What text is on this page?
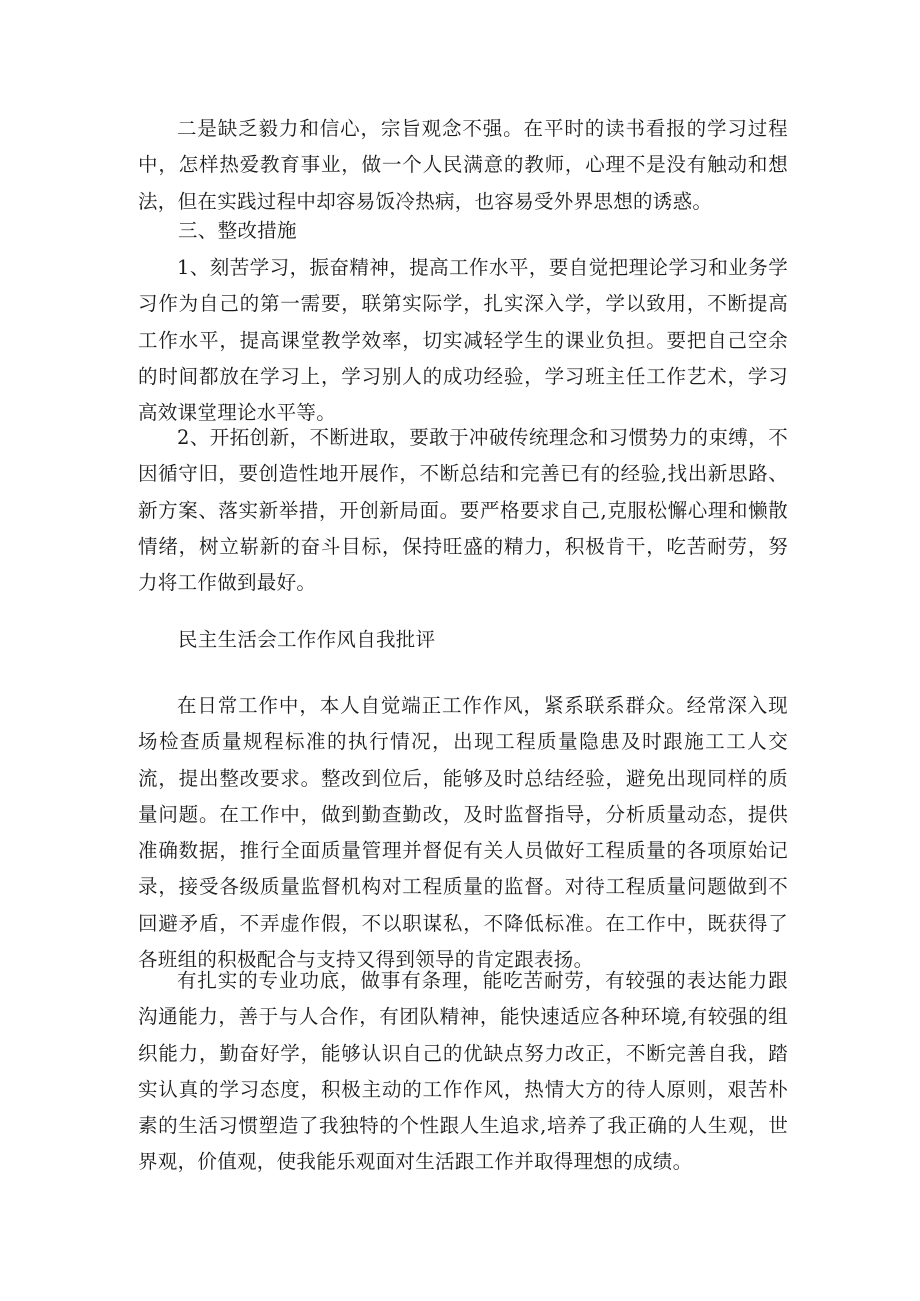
二是缺乏毅力和信心，宗旨观念不强。在平时的读书看报的学习过程中，怎样热爱教育事业，做一个人民满意的教师，心理不是没有触动和想法，但在实践过程中却容易饭冷热病，也容易受外界思想的诱惑。

三、整改措施

1、刻苦学习，振奋精神，提高工作水平，要自觉把理论学习和业务学习作为自己的第一需要，联第实际学，扎实深入学，学以致用，不断提高工作水平，提高课堂教学效率，切实减轻学生的课业负担。要把自己空余的时间都放在学习上，学习别人的成功经验，学习班主任工作艺术，学习高效课堂理论水平等。

2、开拓创新，不断进取，要敢于冲破传统理念和习惯势力的束缚，不因循守旧，要创造性地开展作，不断总结和完善已有的经验,找出新思路、新方案、落实新举措，开创新局面。要严格要求自己,克服松懈心理和懒散情绪，树立崭新的奋斗目标，保持旺盛的精力，积极肯干，吃苦耐劳，努力将工作做到最好。

民主生活会工作作风自我批评

在日常工作中，本人自觉端正工作作风，紧系联系群众。经常深入现场检查质量规程标准的执行情况，出现工程质量隐患及时跟施工工人交流，提出整改要求。整改到位后，能够及时总结经验，避免出现同样的质量问题。在工作中，做到勤查勤改，及时监督指导，分析质量动态，提供准确数据，推行全面质量管理并督促有关人员做好工程质量的各项原始记录，接受各级质量监督机构对工程质量的监督。对待工程质量问题做到不回避矛盾，不弄虚作假，不以职谋私，不降低标准。在工作中，既获得了各班组的积极配合与支持又得到领导的肯定跟表扬。

有扎实的专业功底，做事有条理，能吃苦耐劳，有较强的表达能力跟沟通能力，善于与人合作，有团队精神，能快速适应各种环境,有较强的组织能力，勤奋好学，能够认识自己的优缺点努力改正，不断完善自我，踏实认真的学习态度，积极主动的工作作风，热情大方的待人原则，艰苦朴素的生活习惯塑造了我独特的个性跟人生追求,培养了我正确的人生观，世界观，价值观，使我能乐观面对生活跟工作并取得理想的成绩。
